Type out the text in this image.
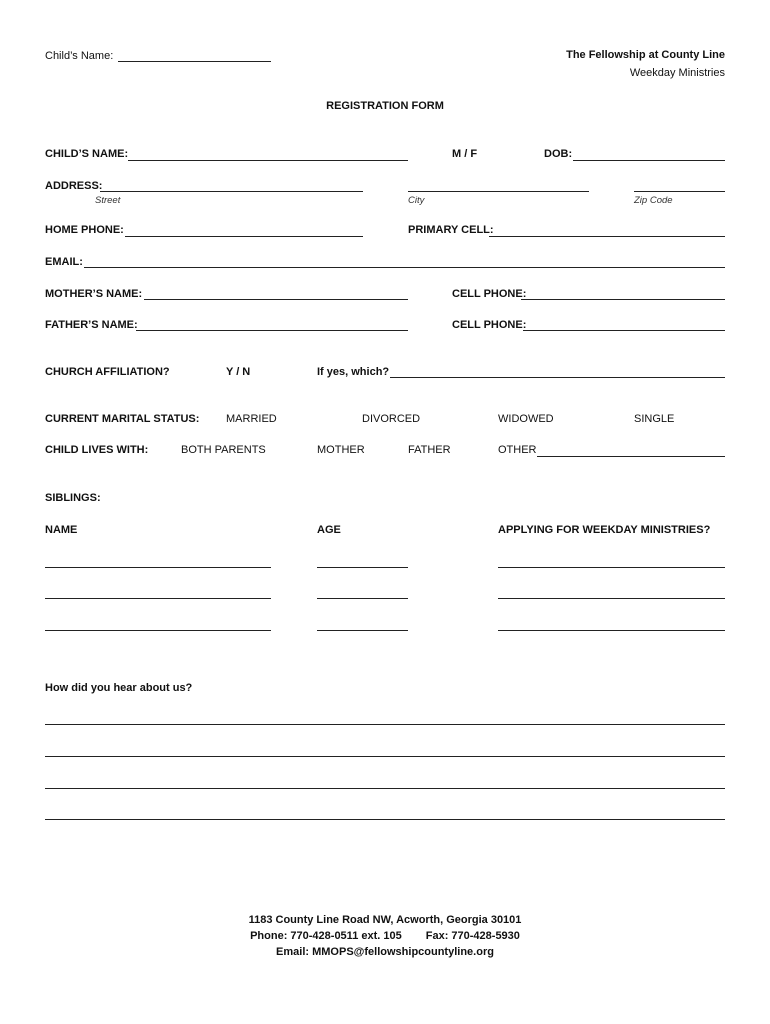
Child’s Name:	The Fellowship at County Line
Weekday Ministries
REGISTRATION FORM
CHILD’S NAME:	M / F	DOB:
ADDRESS:
Street	City	Zip Code
HOME PHONE:	PRIMARY CELL:
EMAIL:
MOTHER’S NAME:	CELL PHONE:
FATHER’S NAME:	CELL PHONE:
CHURCH AFFILIATION?	Y / N	If yes, which?
CURRENT MARITAL STATUS: MARRIED	DIVORCED	WIDOWED	SINGLE
CHILD LIVES WITH:	BOTH PARENTS	MOTHER	FATHER	OTHER
SIBLINGS:
NAME	AGE	APPLYING FOR WEEKDAY MINISTRIES?
How did you hear about us?
1183 County Line Road NW, Acworth, Georgia 30101
Phone: 770-428-0511 ext. 105 Fax: 770-428-5930
Email: MMOPS@fellowshipcountyline.org
